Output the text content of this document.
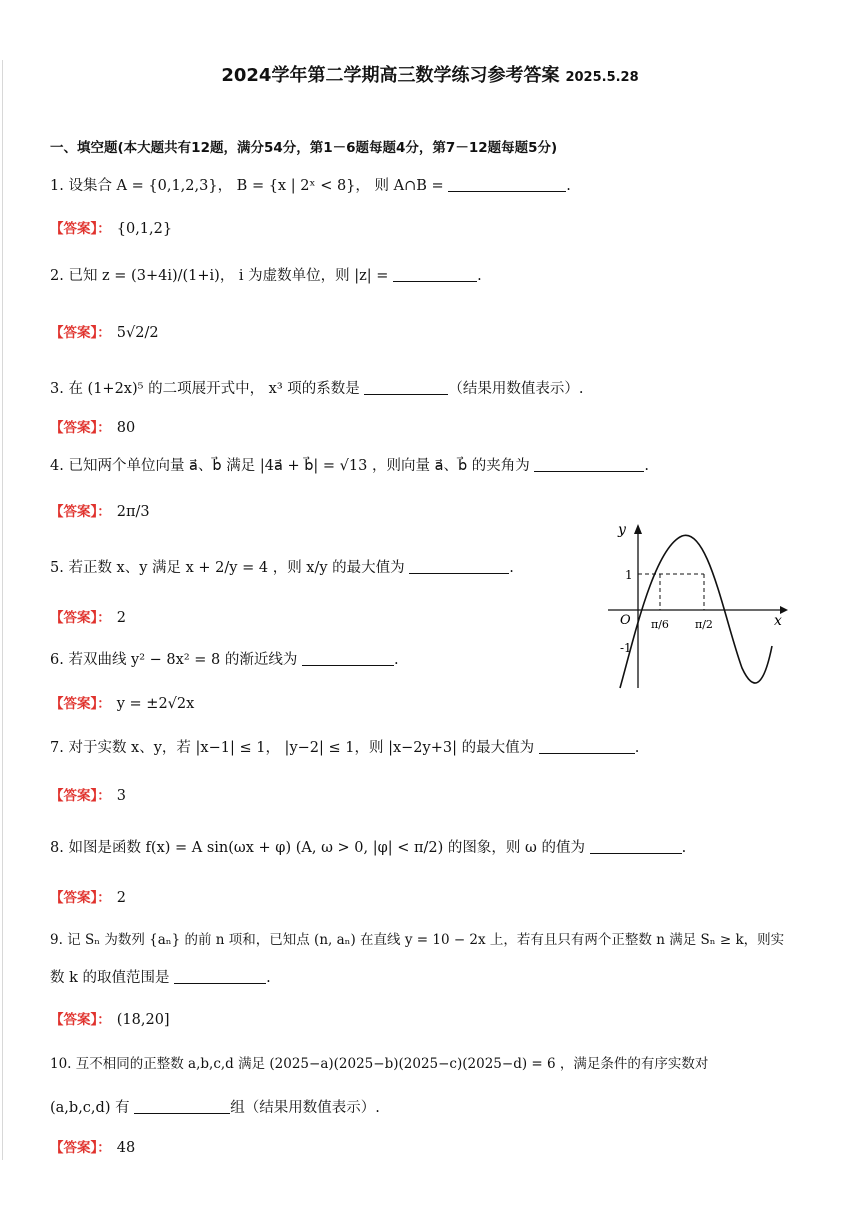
2024学年第二学期高三数学练习参考答案 2025.5.28
一、填空题(本大题共有12题，满分54分，第1－6题每题4分，第7－12题每题5分)
1. 设集合 A = {0,1,2,3}， B = {x | 2ˣ < 8}， 则 A∩B =	.
【答案】： {0,1,2}
2. 已知 z = (3+4i)/(1+i)， i 为虚数单位，则 |z| =	.
【答案】： 5√2/2
3. 在 (1+2x)⁵ 的二项展开式中， x³ 项的系数是	（结果用数值表示）.
【答案】： 80
4. 已知两个单位向量 a⃗、b⃗ 满足 |4a⃗ + b⃗| = √13 ，则向量 a⃗、b⃗ 的夹角为	.
【答案】： 2π/3
5. 若正数 x、y 满足 x + 2/y = 4 ，则 x/y 的最大值为	.
【答案】： 2
6. 若双曲线 y² − 8x² = 8 的渐近线为	.
【答案】： y = ±2√2x
7. 对于实数 x、y，若 |x−1| ≤ 1， |y−2| ≤ 1，则 |x−2y+3| 的最大值为	.
【答案】： 3
8. 如图是函数 f(x) = A sin(ωx + φ) (A, ω > 0, |φ| < π/2) 的图象，则 ω 的值为	.
【答案】： 2
9. 记 Sₙ 为数列 {aₙ} 的前 n 项和，已知点 (n, aₙ) 在直线 y = 10 − 2x 上，若有且只有两个正整数 n 满足 Sₙ ≥ k，则实
数 k 的取值范围是	.
【答案】： (18,20]
10. 互不相同的正整数 a,b,c,d 满足 (2025−a)(2025−b)(2025−c)(2025−d) = 6 ，满足条件的有序实数对
(a,b,c,d) 有	组（结果用数值表示）.
【答案】： 48
y
x
O
1
-1
π/6 π/2
